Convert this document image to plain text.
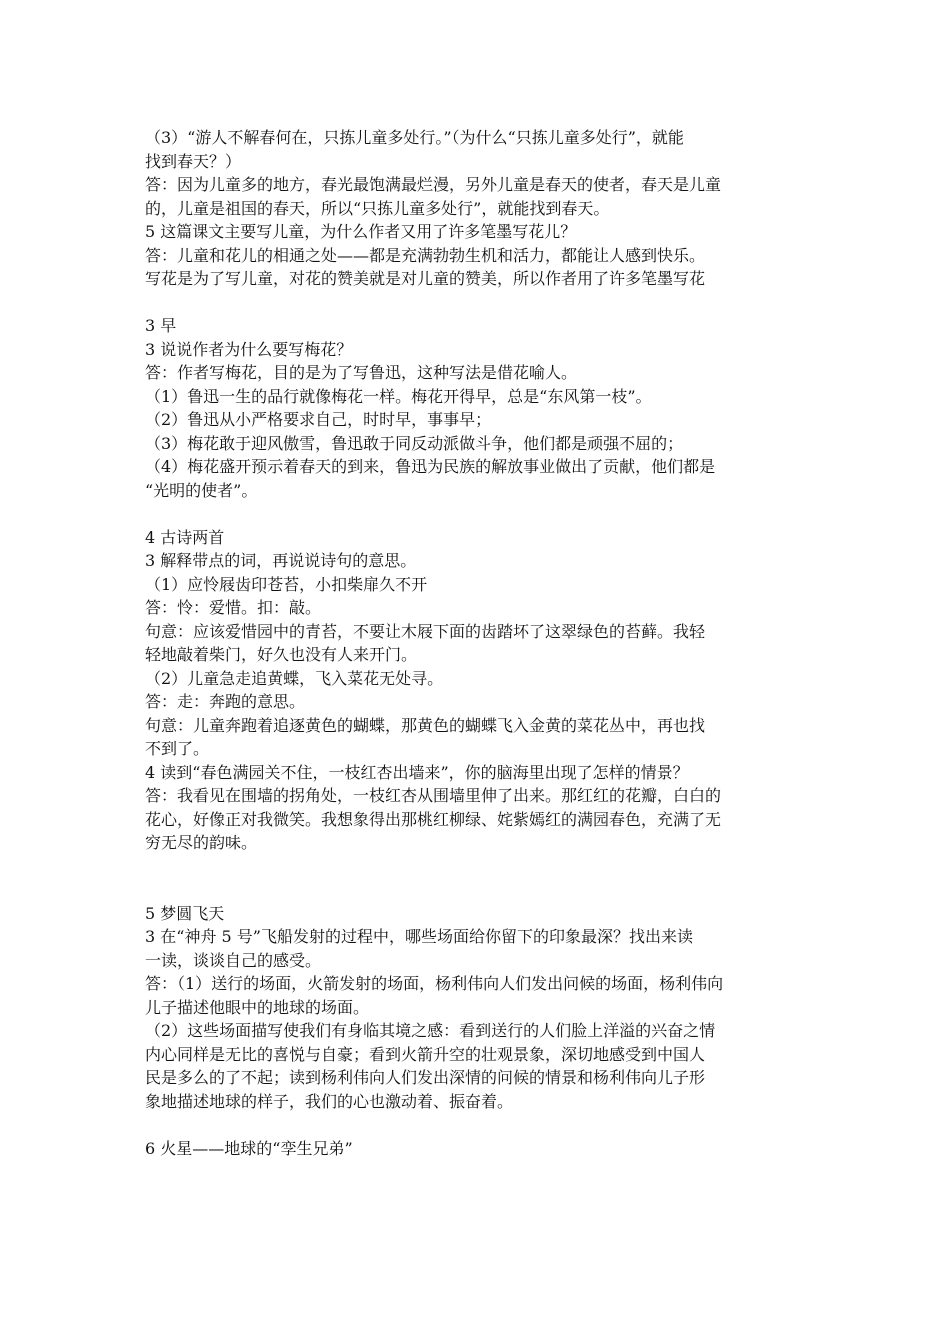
（3）“游人不解春何在，只拣儿童多处行。”（为什么“只拣儿童多处行”，就能
找到春天？）
答：因为儿童多的地方，春光最饱满最烂漫，另外儿童是春天的使者，春天是儿童
的，儿童是祖国的春天，所以“只拣儿童多处行”，就能找到春天。
5 这篇课文主要写儿童，为什么作者又用了许多笔墨写花儿？
答：儿童和花儿的相通之处——都是充满勃勃生机和活力，都能让人感到快乐。
写花是为了写儿童，对花的赞美就是对儿童的赞美，所以作者用了许多笔墨写花
3 早
3 说说作者为什么要写梅花？
答：作者写梅花，目的是为了写鲁迅，这种写法是借花喻人。
（1）鲁迅一生的品行就像梅花一样。梅花开得早，总是“东风第一枝”。
（2）鲁迅从小严格要求自己，时时早，事事早；
（3）梅花敢于迎风傲雪，鲁迅敢于同反动派做斗争，他们都是顽强不屈的；
（4）梅花盛开预示着春天的到来，鲁迅为民族的解放事业做出了贡献，他们都是
“光明的使者”。
4 古诗两首
3 解释带点的词，再说说诗句的意思。
（1）应怜屐齿印苍苔，小扣柴扉久不开
答：怜：爱惜。扣：敲。
句意：应该爱惜园中的青苔，不要让木屐下面的齿踏坏了这翠绿色的苔藓。我轻
轻地敲着柴门，好久也没有人来开门。
（2）儿童急走追黄蝶，飞入菜花无处寻。
答：走：奔跑的意思。
句意：儿童奔跑着追逐黄色的蝴蝶，那黄色的蝴蝶飞入金黄的菜花丛中，再也找
不到了。
4 读到“春色满园关不住，一枝红杏出墙来”，你的脑海里出现了怎样的情景？
答：我看见在围墙的拐角处，一枝红杏从围墙里伸了出来。那红红的花瓣，白白的
花心，好像正对我微笑。我想象得出那桃红柳绿、姹紫嫣红的满园春色，充满了无
穷无尽的韵味。
5 梦圆飞天
3 在“神舟 5 号”飞船发射的过程中，哪些场面给你留下的印象最深？找出来读
一读，谈谈自己的感受。
答：（1）送行的场面，火箭发射的场面，杨利伟向人们发出问候的场面，杨利伟向
儿子描述他眼中的地球的场面。
（2）这些场面描写使我们有身临其境之感：看到送行的人们脸上洋溢的兴奋之情
内心同样是无比的喜悦与自豪；看到火箭升空的壮观景象，深切地感受到中国人
民是多么的了不起；读到杨利伟向人们发出深情的问候的情景和杨利伟向儿子形
象地描述地球的样子，我们的心也激动着、振奋着。
6 火星——地球的“孪生兄弟”
